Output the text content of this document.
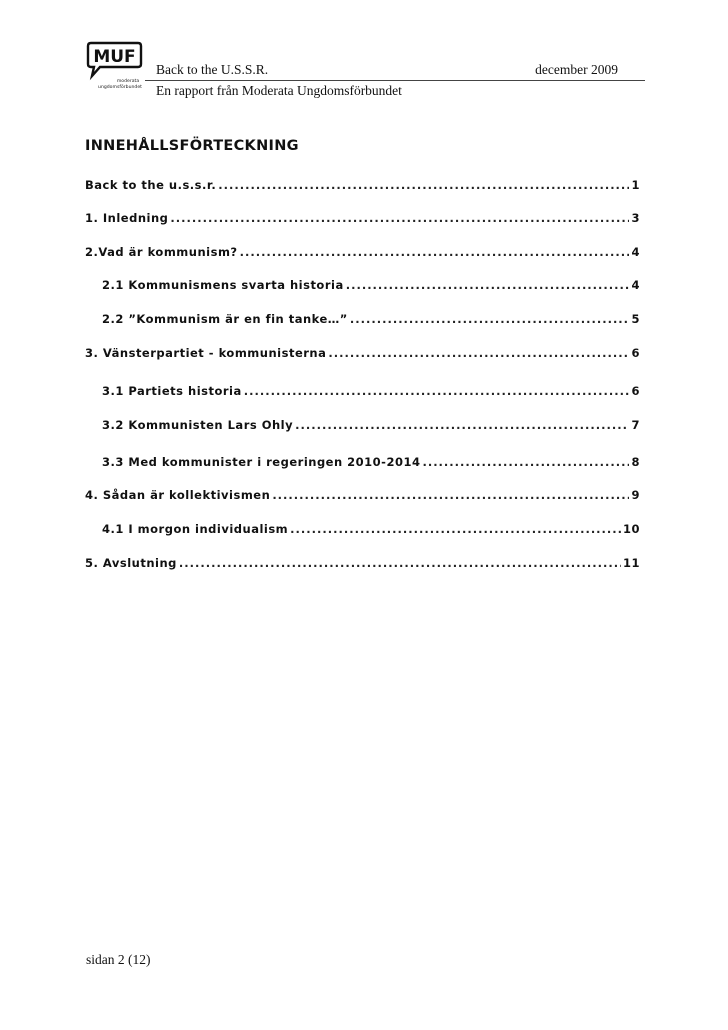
MUF
moderata
ungdomsförbundet
Back to the U.S.S.R.	december 2009
En rapport från Moderata Ungdomsförbundet
INNEHÅLLSFÖRTECKNING
Back to the u.s.s.r. .....	1
1. Inledning .....	3
2.Vad är kommunism? .....	4
2.1 Kommunismens svarta historia .....	4
2.2 ”Kommunism är en fin tanke…” .....	5
3. Vänsterpartiet - kommunisterna .....	6
3.1 Partiets historia .....	6
3.2 Kommunisten Lars Ohly .....	7
3.3 Med kommunister i regeringen 2010-2014 .....	8
4. Sådan är kollektivismen .....	9
4.1 I morgon individualism .....	10
5. Avslutning .....	11
sidan 2 (12)
